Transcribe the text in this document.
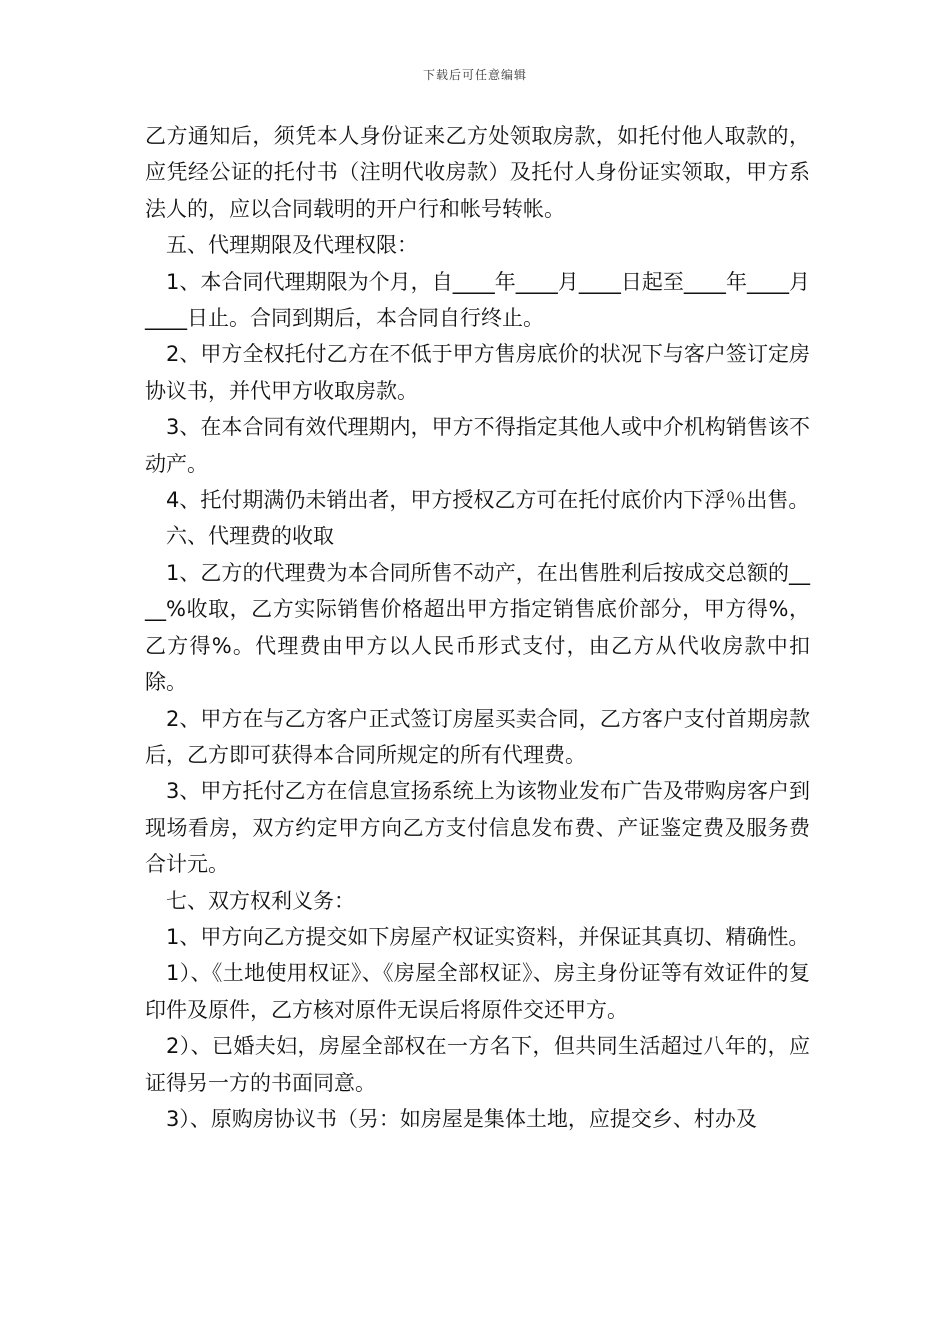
下载后可任意编辑

乙方通知后，须凭本人身份证来乙方处领取房款，如托付他人取款的，应凭经公证的托付书（注明代收房款）及托付人身份证实领取，甲方系法人的，应以合同载明的开户行和帐号转帐。

五、代理期限及代理权限：

1、本合同代理期限为个月，自____年____月____日起至____年____月____日止。合同到期后，本合同自行终止。

2、甲方全权托付乙方在不低于甲方售房底价的状况下与客户签订定房协议书，并代甲方收取房款。

3、在本合同有效代理期内，甲方不得指定其他人或中介机构销售该不动产。

4、托付期满仍未销出者，甲方授权乙方可在托付底价内下浮％出售。

六、代理费的收取

1、乙方的代理费为本合同所售不动产，在出售胜利后按成交总额的____%收取，乙方实际销售价格超出甲方指定销售底价部分，甲方得%，乙方得%。代理费由甲方以人民币形式支付，由乙方从代收房款中扣除。

2、甲方在与乙方客户正式签订房屋买卖合同，乙方客户支付首期房款后，乙方即可获得本合同所规定的所有代理费。

3、甲方托付乙方在信息宣扬系统上为该物业发布广告及带购房客户到现场看房，双方约定甲方向乙方支付信息发布费、产证鉴定费及服务费合计元。

七、双方权利义务：

1、甲方向乙方提交如下房屋产权证实资料，并保证其真切、精确性。

1）、《土地使用权证》、《房屋全部权证》、房主身份证等有效证件的复印件及原件，乙方核对原件无误后将原件交还甲方。

2）、已婚夫妇，房屋全部权在一方名下，但共同生活超过八年的，应证得另一方的书面同意。

3）、原购房协议书（另：如房屋是集体土地，应提交乡、村办及
